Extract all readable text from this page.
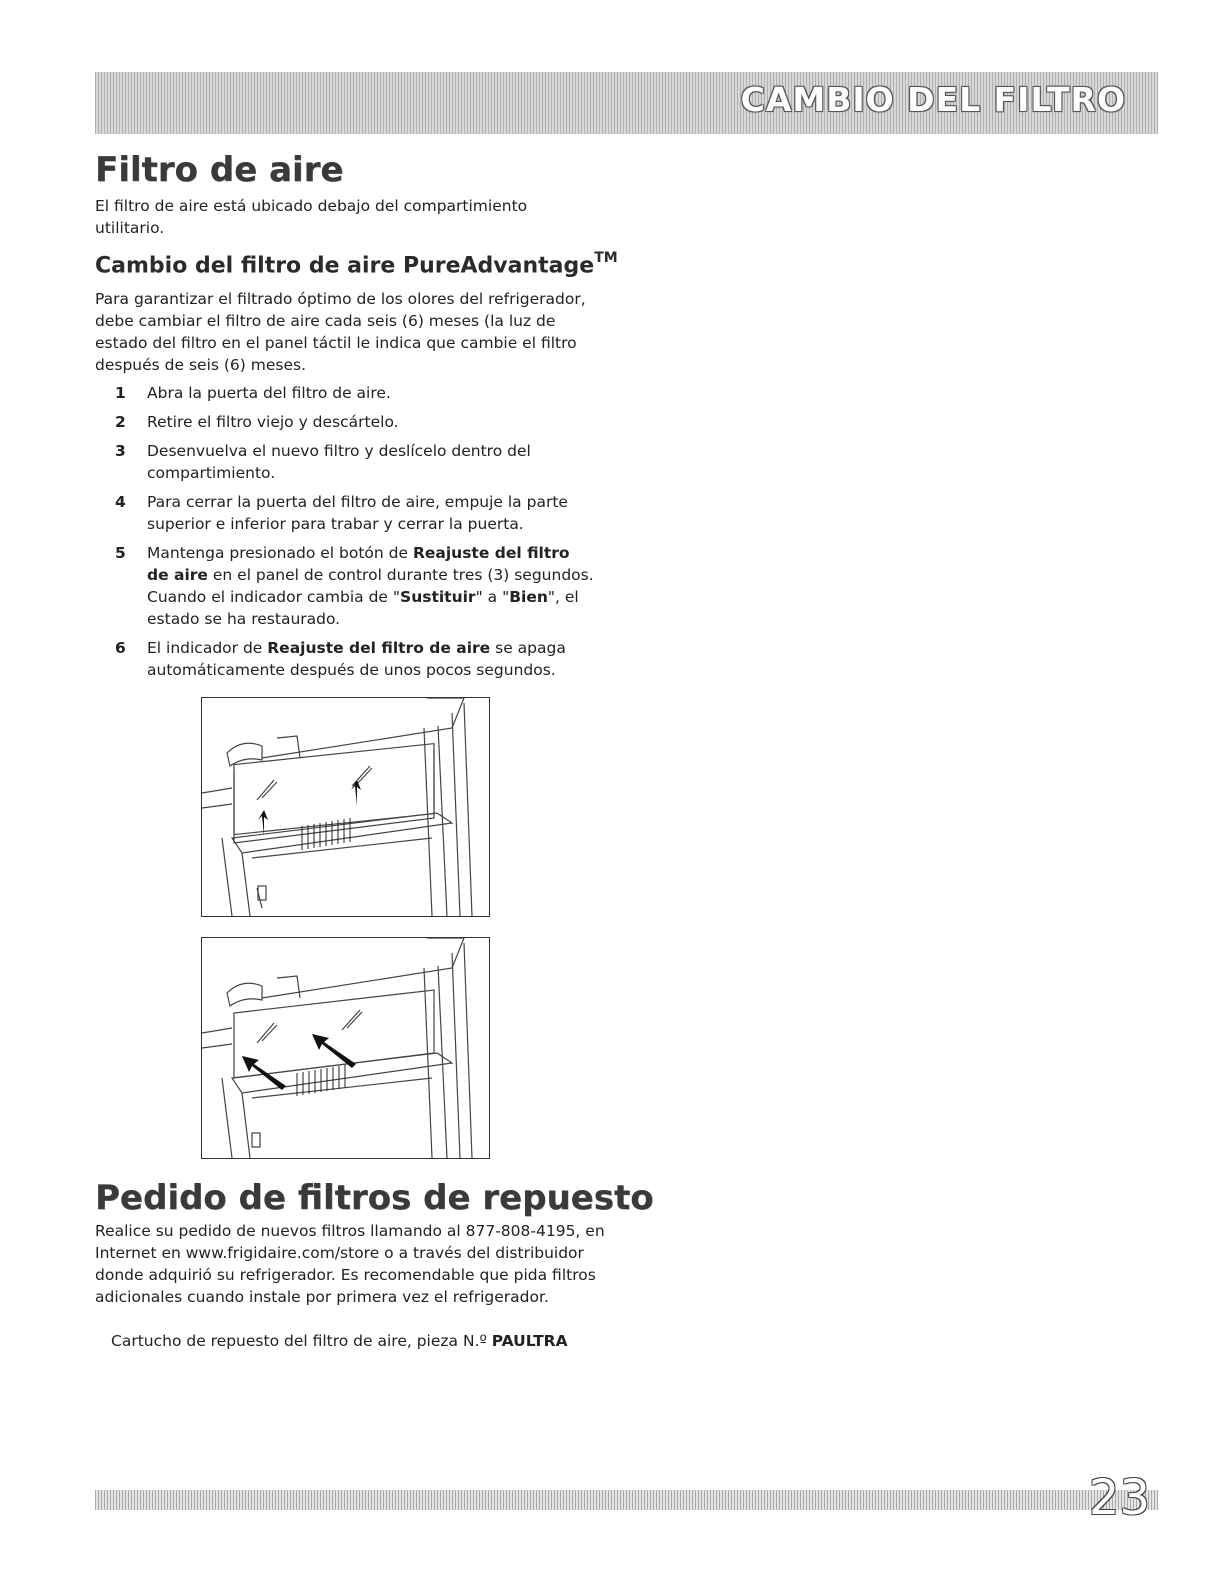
CAMBIO DEL FILTRO
Filtro de aire
El filtro de aire está ubicado debajo del compartimiento utilitario.
Cambio del filtro de aire PureAdvantage™
Para garantizar el filtrado óptimo de los olores del refrigerador, debe cambiar el filtro de aire cada seis (6) meses (la luz de estado del filtro en el panel táctil le indica que cambie el filtro después de seis (6) meses.
1 Abra la puerta del filtro de aire.
2 Retire el filtro viejo y descártelo.
3 Desenvuelva el nuevo filtro y deslícelo dentro del compartimiento.
4 Para cerrar la puerta del filtro de aire, empuje la parte superior e inferior para trabar y cerrar la puerta.
5 Mantenga presionado el botón de Reajuste del filtro de aire en el panel de control durante tres (3) segundos. Cuando el indicador cambia de "Sustituir" a "Bien", el estado se ha restaurado.
6 El indicador de Reajuste del filtro de aire se apaga automáticamente después de unos pocos segundos.
Pedido de filtros de repuesto
Realice su pedido de nuevos filtros llamando al 877-808-4195, en Internet en www.frigidaire.com/store o a través del distribuidor donde adquirió su refrigerador. Es recomendable que pida filtros adicionales cuando instale por primera vez el refrigerador.
Cartucho de repuesto del filtro de aire, pieza N.º PAULTRA
23
